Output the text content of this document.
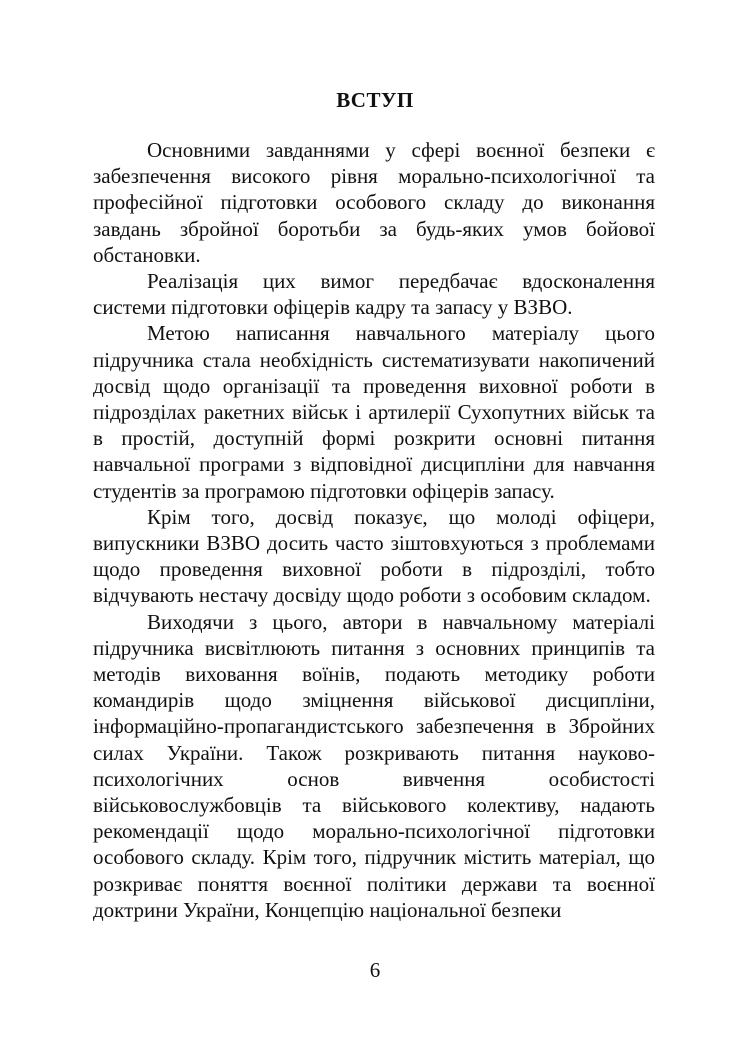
ВСТУП

Основними завданнями у сфері воєнної безпеки є забезпечення високого рівня морально-психологічної та професійної підготовки особового складу до виконання завдань збройної боротьби за будь-яких умов бойової обстановки.

Реалізація цих вимог передбачає вдосконалення системи підготовки офіцерів кадру та запасу у ВЗВО.

Метою написання навчального матеріалу цього підручника стала необхідність систематизувати накопичений досвід щодо організації та проведення виховної роботи в підрозділах ракетних військ і артилерії Сухопутних військ та в простій, доступній формі розкрити основні питання навчальної програми з відповідної дисципліни для навчання студентів за програмою підготовки офіцерів запасу.

Крім того, досвід показує, що молоді офіцери, випускники ВЗВО досить часто зіштовхуються з проблемами щодо проведення виховної роботи в підрозділі, тобто відчувають нестачу досвіду щодо роботи з особовим складом.

Виходячи з цього, автори в навчальному матеріалі підручника висвітлюють питання з основних принципів та методів виховання воїнів, подають методику роботи командирів щодо зміцнення військової дисципліни, інформаційно-пропагандистського забезпечення в Збройних силах України. Також розкривають питання науково-психологічних основ вивчення особистості військовослужбовців та військового колективу, надають рекомендації щодо морально-психологічної підготовки особового складу. Крім того, підручник містить матеріал, що розкриває поняття воєнної політики держави та воєнної доктрини України, Концепцію національної безпеки

6
